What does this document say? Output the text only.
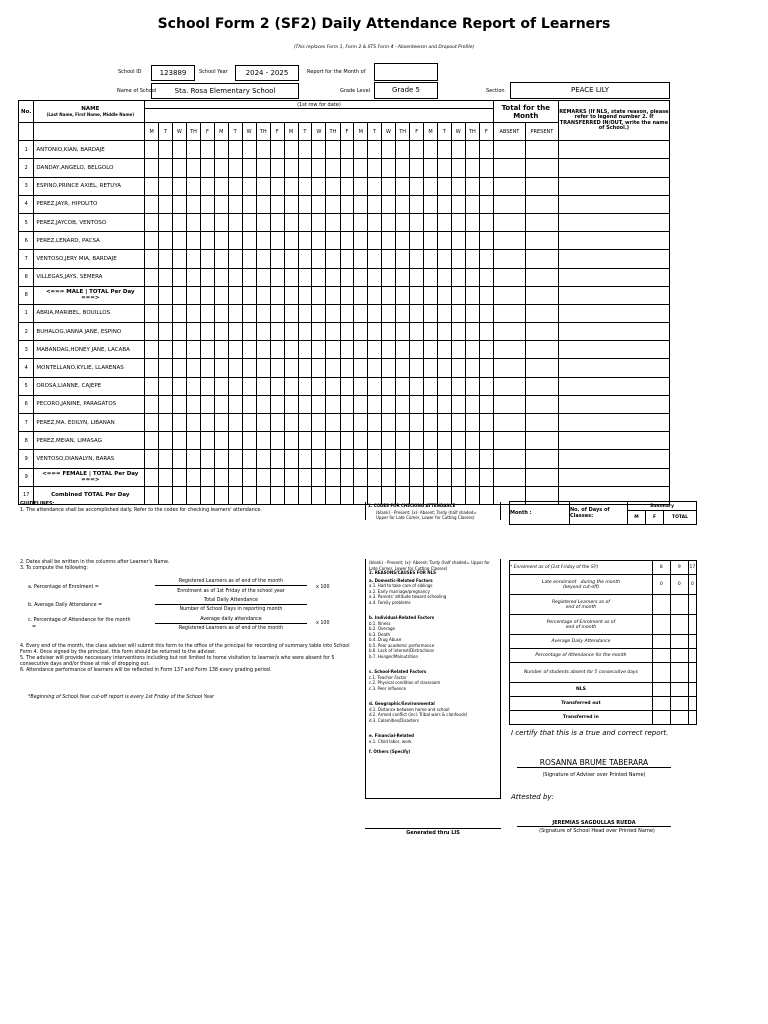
School Form 2 (SF2) Daily Attendance Report of Learners
(This replaces Form 1, Form 2 & STS Form 4 - Absenteeism and Dropout Profile)
School ID	123889	School Year	2024 - 2025	Report for the Month of
Name of School	Sta. Rosa Elementary School	Grade Level	Grade 5	Section	PEACE LILY
No.	NAME
(Last Name, First Name, Middle Name)	(1st row for date)																									Total for the Month		REMARKS (If NLS, state reason, please refer to legend number 2. If TRANSFERRED IN/OUT, write the name of School.)

		M	T	W	TH	F	M	T	W	TH	F	M	T	W	TH	F	M	T	W	TH	F	M	T	W	TH	F	ABSENT	PRESENT	
1	ANTONIO,KIAN, BARDAJE																												
2	DANDAY,ANGELO, BELGOLO																												
3	ESPINO,PRINCE AXIEL, RETUYA																												
4	PEREZ,JAYR, HIPOLITO																												
5	PEREZ,JAYCOB, VENTOSO																												
6	PEREZ,LENARD, PACSA																												
7	VENTOSO,JERY MIA, BARDAJE																												
8	VILLEGAS,JAYS, SEMERA																												
8	<=== MALE | TOTAL Per Day ===>																												
1	ABRIA,MARIBEL, BOUILLOS																												
2	BUHALOG,IANNA JANE, ESPINO																												
3	MABANDAG,HONEY JANE, LACABA																												
4	MONTELLANO,KYLIE, LLARENAS																												
5	OROSA,LIANNE, CAJEPE																												
6	PECORO,JANINE, PARAGATOS																												
7	PEREZ,MA. EDILYN, LIBANAN																												
8	PEREZ,MEIAN, LIMASAG																												
9	VENTOSO,DIANALYN, BARAS																												
9	<=== FEMALE | TOTAL Per Day ===>																												
17	Combined TOTAL Per Day																												
GUIDELINES:
1. The attendance shall be accomplished daily. Refer to the codes for checking learners' attendance.
2. Dates shall be written in the columns after Learner's Name.
3. To compute the following:
a. Percentage of Enrolment =
Registered Learners as of end of the month
Enrolment as of 1st Friday of the school year
x 100
b. Average Daily Attendance =
Total Daily Attendance
Number of School Days in reporting month
c. Percentage of Attendance for the month
=
Average daily attendance
Registered Learners as of end of the month
x 100
4. Every end of the month, the class adviser will submit this form to the office of the principal for recording of summary table into School Form 4. Once signed by the principal, this form should be returned to the adviser.
5. The adviser will provide neccessary interventions including but not limited to home visitation to learner/s who were absent for 5 consecutive days and/or those at risk of dropping out.
6. Attendance performance of learners will be reflected in Form 137 and Form 138 every grading period.
*Beginning of School Year cut-off report is every 1st Friday of the School Year
1. CODES FOR CHECKING ATTENDANCE
(blank) - Present; (x)- Absent; Tardy (half shaded= Upper for Late Comer, Lower for Cutting Classes)
(blank) - Present; (x)- Absent; Tardy (half shaded= Upper for Late Comer, Lower for Cutting Classes)
2. REASONS/CAUSES FOR NLS
a. Domestic-Related Factors
a.1. Had to take care of siblings
a.2. Early marriage/pregnancy
a.3. Parents' attitude toward schooling
a.4. Family problems
b. Individual-Related Factors
b.1. Illness
b.2. Overage
b.3. Death
b.4. Drug Abuse
b.5. Poor academic performance
b.6. Lack of interest/Distractions
b.7. Hunger/Malnutrition
c. School-Related Factors
c.1. Teacher Factor
c.2. Physical condition of classroom
c.3. Peer influence
d. Geographic/Environmental
d.1. Distance between home and school
d.2. Armed conflict (incl. Tribal wars & clanfeuds)
d.3. Calamities/Disasters
e. Financial-Related
e.1. Child labor, work
f. Others (Specify)
Generated thru LIS
Month :	No. of Days of Classes:	Summary		
		M	F	TOTAL
* Enrolment as of (1st Friday of the SY)	8	9	17
Late enrolment during the month
(beyond cut-off)	0	0	0
Registered Learners as of
end of month			
Percentage of Enrolment as of
end of month			
Average Daily Attendance			
Percentage of Attendance for the month			
Number of students absent for 5 consecutive days			
NLS			
Transferred out			
Transferred in			
I certify that this is a true and correct report.
ROSANNA BRUME TABERARA
(Signature of Adviser over Printed Name)
Attested by:
JEREMIAS SAGDULLAS RUEDA
(Signature of School Head over Printed Name)
